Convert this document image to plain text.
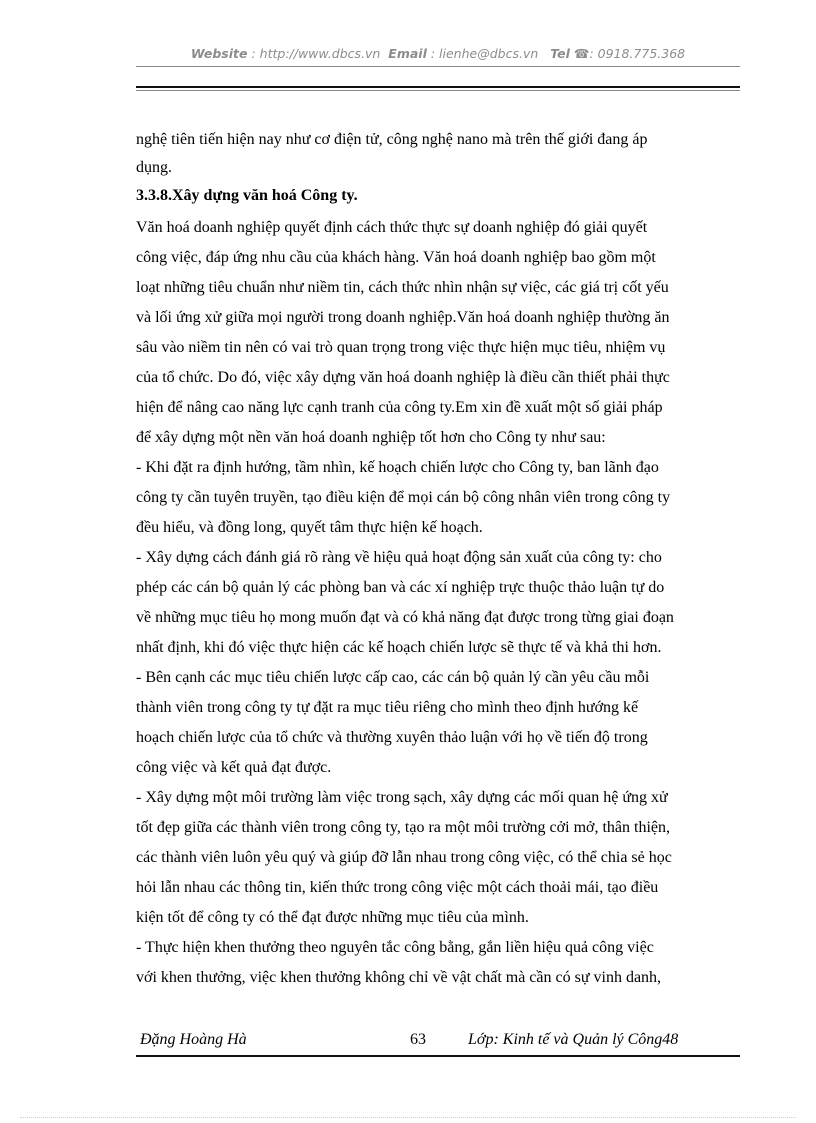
Website : http://www.dbcs.vn Email : lienhe@dbcs.vn Tel ☎: 0918.775.368
nghệ tiên tiến hiện nay như cơ điện tử, công nghệ nano mà trên thế giới đang áp
dụng.
3.3.8.Xây dựng văn hoá Công ty.
Văn hoá doanh nghiệp quyết định cách thức thực sự doanh nghiệp đó giải quyết
công việc, đáp ứng nhu cầu của khách hàng. Văn hoá doanh nghiệp bao gồm một
loạt những tiêu chuẩn như niềm tin, cách thức nhìn nhận sự việc, các giá trị cốt yếu
và lối ứng xử giữa mọi người trong doanh nghiệp.Văn hoá doanh nghiệp thường ăn
sâu vào niềm tin nên có vai trò quan trọng trong việc thực hiện mục tiêu, nhiệm vụ
của tổ chức. Do đó, việc xây dựng văn hoá doanh nghiệp là điều cần thiết phải thực
hiện để nâng cao năng lực cạnh tranh của công ty.Em xin đề xuất một số giải pháp
để xây dựng một nền văn hoá doanh nghiệp tốt hơn cho Công ty như sau:
- Khi đặt ra định hướng, tầm nhìn, kế hoạch chiến lược cho Công ty, ban lãnh đạo
công ty cần tuyên truyền, tạo điều kiện để mọi cán bộ công nhân viên trong công ty
đều hiểu, và đồng long, quyết tâm thực hiện kế hoạch.
- Xây dựng cách đánh giá rõ ràng về hiệu quả hoạt động sản xuất của công ty: cho
phép các cán bộ quản lý các phòng ban và các xí nghiệp trực thuộc thảo luận tự do
về những mục tiêu họ mong muốn đạt và có khả năng đạt được trong từng giai đoạn
nhất định, khi đó việc thực hiện các kế hoạch chiến lược sẽ thực tế và khả thi hơn.
- Bên cạnh các mục tiêu chiến lược cấp cao, các cán bộ quản lý cần yêu cầu mỗi
thành viên trong công ty tự đặt ra mục tiêu riêng cho mình theo định hướng kế
hoạch chiến lược của tổ chức và thường xuyên thảo luận với họ về tiến độ trong
công việc và kết quả đạt được.
- Xây dựng một môi trường làm việc trong sạch, xây dựng các mối quan hệ ứng xử
tốt đẹp giữa các thành viên trong công ty, tạo ra một môi trường cởi mở, thân thiện,
các thành viên luôn yêu quý và giúp đỡ lẫn nhau trong công việc, có thể chia sẻ học
hỏi lẫn nhau các thông tin, kiến thức trong công việc một cách thoải mái, tạo điều
kiện tốt để công ty có thể đạt được những mục tiêu của mình.
- Thực hiện khen thưởng theo nguyên tắc công bằng, gắn liền hiệu quả công việc
với khen thưởng, việc khen thưởng không chỉ về vật chất mà cần có sự vinh danh,
Đặng Hoàng Hà	63	Lớp: Kinh tế và Quản lý Công48
